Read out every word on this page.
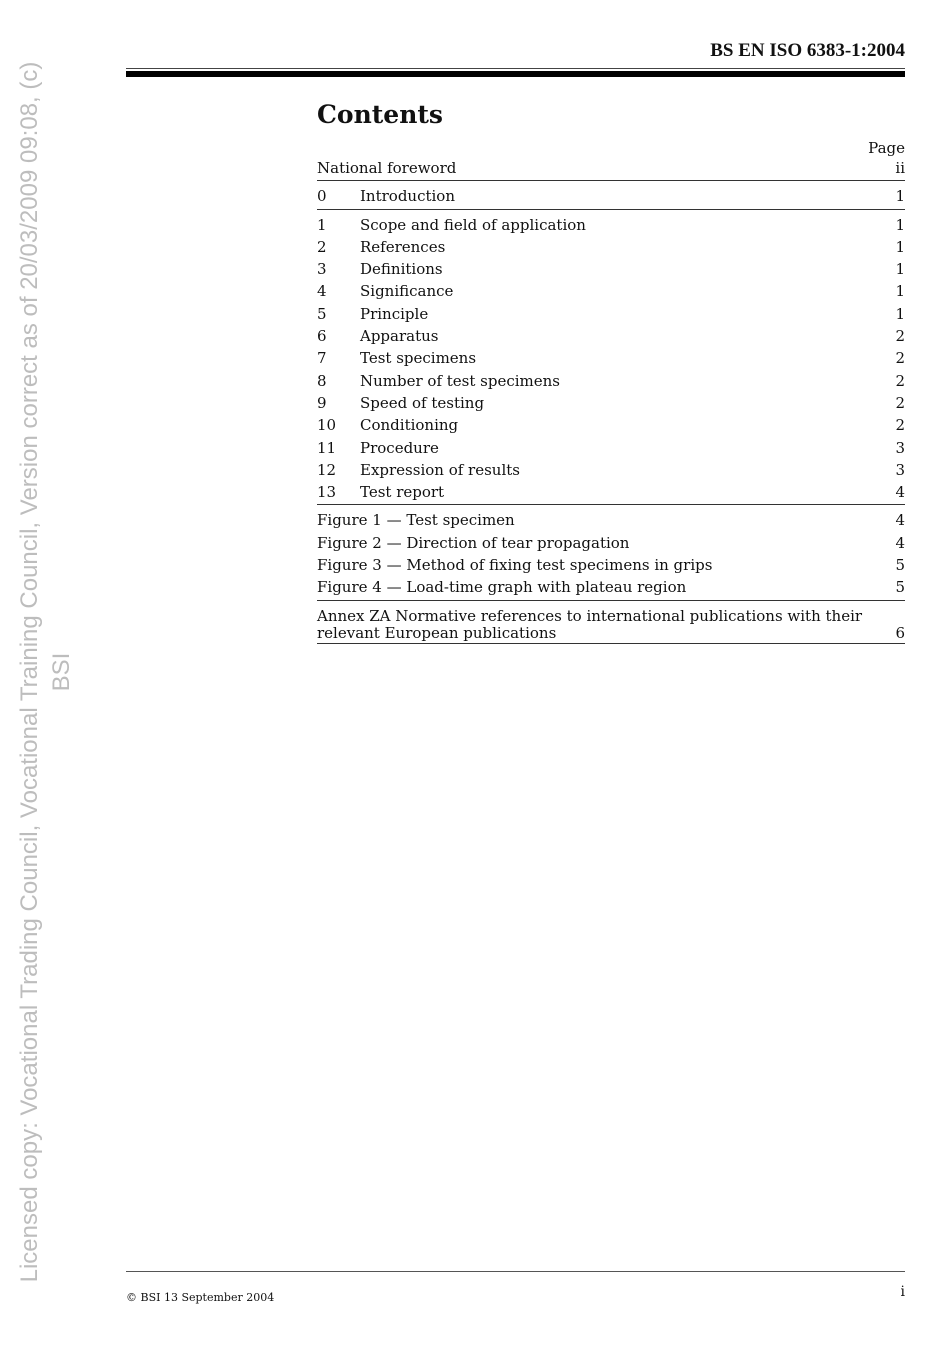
Licensed copy: Vocational Trading Council, Vocational Training Council, Version correct as of 20/03/2009 09:08, (c) BSI
BS EN ISO 6383-1:2004
Contents
Page
National foreword	ii
0	Introduction	1
1	Scope and field of application	1
2	References	1
3	Definitions	1
4	Significance	1
5	Principle	1
6	Apparatus	2
7	Test specimens	2
8	Number of test specimens	2
9	Speed of testing	2
10	Conditioning	2
11	Procedure	3
12	Expression of results	3
13	Test report	4
Figure 1 — Test specimen	4
Figure 2 — Direction of tear propagation	4
Figure 3 — Method of fixing test specimens in grips	5
Figure 4 — Load-time graph with plateau region	5
Annex ZA Normative references to international publications with their
relevant European publications	6
© BSI 13 September 2004	i
